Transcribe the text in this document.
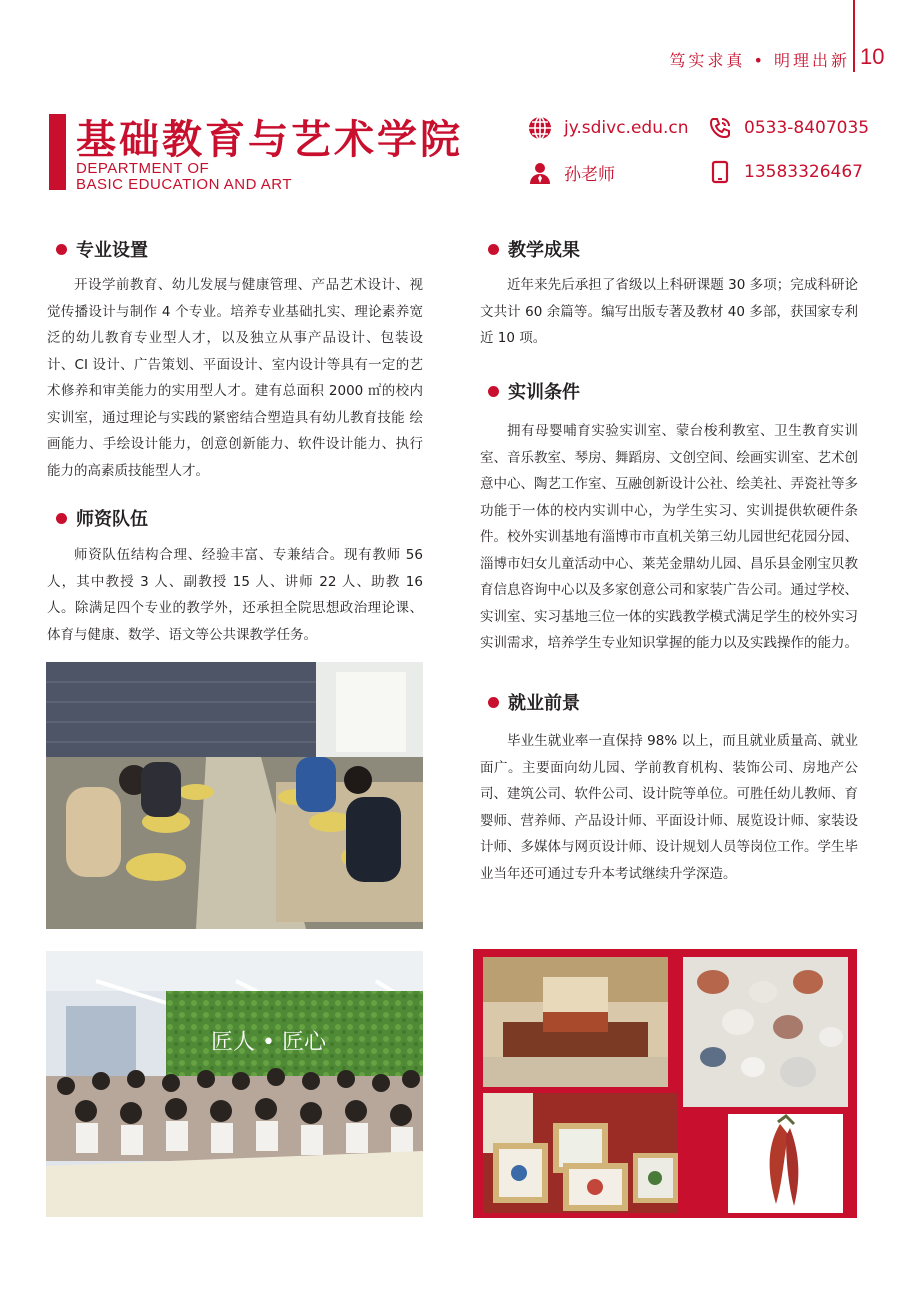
笃实求真 • 明理出新 10
基础教育与艺术学院
DEPARTMENT OF
BASIC EDUCATION AND ART
jy.sdivc.edu.cn	0533-8407035
孙老师	13583326467
专业设置
开设学前教育、幼儿发展与健康管理、产品艺术设计、视觉传播设计与制作 4 个专业。培养专业基础扎实、理论素养宽泛的幼儿教育专业型人才，以及独立从事产品设计、包装设计、CI 设计、广告策划、平面设计、室内设计等具有一定的艺术修养和审美能力的实用型人才。建有总面积 2000 ㎡的校内实训室，通过理论与实践的紧密结合塑造具有幼儿教育技能 绘画能力、手绘设计能力，创意创新能力、软件设计能力、执行能力的高素质技能型人才。
师资队伍
师资队伍结构合理、经验丰富、专兼结合。现有教师 56 人，其中教授 3 人、副教授 15 人、讲师 22 人、助教 16 人。除满足四个专业的教学外，还承担全院思想政治理论课、体育与健康、数学、语文等公共课教学任务。
教学成果
近年来先后承担了省级以上科研课题 30 多项；完成科研论文共计 60 余篇等。编写出版专著及教材 40 多部，获国家专利近 10 项。
实训条件
拥有母婴哺育实验实训室、蒙台梭利教室、卫生教育实训室、音乐教室、琴房、舞蹈房、文创空间、绘画实训室、艺术创意中心、陶艺工作室、互融创新设计公社、绘美社、弄瓷社等多功能于一体的校内实训中心，为学生实习、实训提供软硬件条件。校外实训基地有淄博市市直机关第三幼儿园世纪花园分园、淄博市妇女儿童活动中心、莱芜金鼎幼儿园、昌乐县金刚宝贝教育信息咨询中心以及多家创意公司和家装广告公司。通过学校、实训室、实习基地三位一体的实践教学模式满足学生的校外实习实训需求，培养学生专业知识掌握的能力以及实践操作的能力。
就业前景
毕业生就业率一直保持 98% 以上，而且就业质量高、就业面广。主要面向幼儿园、学前教育机构、装饰公司、房地产公司、建筑公司、软件公司、设计院等单位。可胜任幼儿教师、育婴师、营养师、产品设计师、平面设计师、展览设计师、家装设计师、多媒体与网页设计师、设计规划人员等岗位工作。学生毕业当年还可通过专升本考试继续升学深造。
匠人 • 匠心
